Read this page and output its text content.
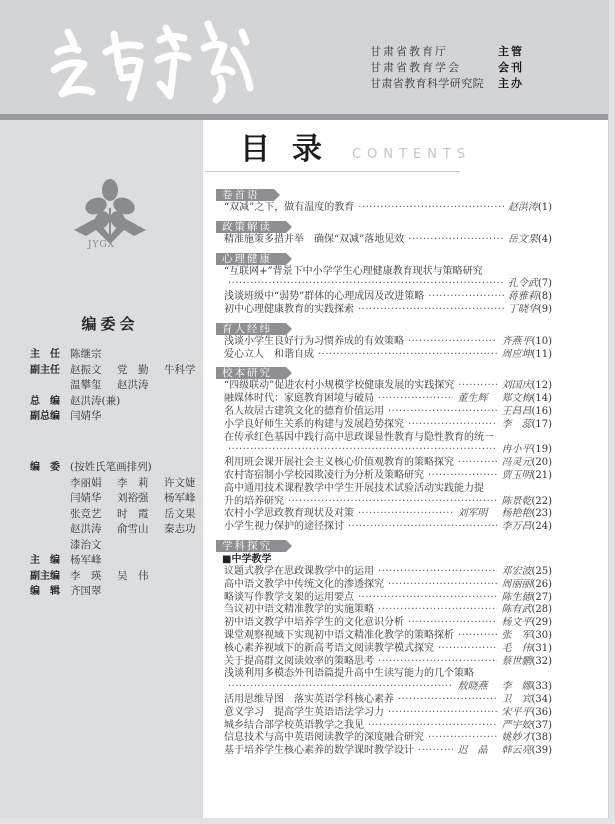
甘肃省教育厅	主管
甘肃省教育学会	会刊
甘肃省教育科学研究院	主办
JYGX
编委会
主　任 陈继宗
副主任 赵振文	党　勤	牛科学
温攀玺	赵洪涛
总　编 赵洪涛(兼)
副总编 闫婧华
编　委 (按姓氏笔画排列)
李丽娟	李　莉	许文婕
闫婧华	刘裕强	杨军峰
张竞艺	时　霞	岳文果
赵洪涛	俞雪山	秦志功
漆治文
主　编 杨军峰
副主编 李　瑛	吴　伟
编　辑 齐国翠
目录 CONTENTS
卷首语
“双减”之下，做有温度的教育 ·····	赵洪涛 (1)
政策解读
精准施策多措并举　确保“双减”落地见效 ·····	岳文果 (4)
心理健康
“互联网+”背景下中小学学生心理健康教育现状与策略研究
·····
孔令武 (7)
浅谈班级中“弱势”群体的心理成因及改进策略 ·····	蒋雅莉 (8)
初中心理健康教育的实践探索 ·····	丁晓华 (9)
育人经纬
浅谈小学生良好行为习惯养成的有效策略 ·····	齐燕平 (10)
爱心立人　和谐自成 ·····	周应坤 (11)
校本研究
“四级联动”促进农村小规模学校健康发展的实践探究 ·····	刘国庆 (12)
融媒体时代：家庭教育困境与破局 ·····	董生辉 郑文梅 (14)
名人故居古建筑文化的德育价值运用 ·····	王昌昌 (16)
小学良好师生关系的构建与发展趋势探究 ·····	李　蕊 (17)
在传承红色基因中践行高中思政课显性教育与隐性教育的统一
·····
冉小平 (19)
利用班会课开展社会主义核心价值观教育的策略探究 ·····	冯灵元 (20)
农村寄宿制小学校园欺凌行为分析及策略研究 ·····	贾玉明 (21)
高中通用技术课程教学中学生开展技术试验活动实践能力提
升的培养研究 ·····	陈景乾 (22)
农村小学思政教育现状及对策 ·····	刘军明 杨艳艳 (23)
小学生视力保护的途径探讨 ·····	李万昌 (24)
学科探究
■中学教学
议题式教学在思政课教学中的运用 ·····	邓宏波 (25)
高中语文教学中传统文化的渗透探究 ·····	周丽丽 (26)
略谈写作教学支架的运用要点 ·····	陈生德 (27)
刍议初中语文精准教学的实施策略 ·····	陈有武 (28)
初中语文教学中培养学生的文化意识分析 ·····	杨文平 (29)
课堂观察视域下实现初中语文精准化教学的策略探析 ·····	张　军 (30)
核心素养视域下的新高考语文阅读教学模式探究 ·····	毛　伟 (31)
关于提高群文阅读效率的策略思考 ·····	蔡世鹏 (32)
浅谈利用多模态外刊语篇提升高中生读写能力的几个策略
·····
敖晓燕 李　娜 (33)
活用思维导图　落实英语学科核心素养 ·····	卫　宾 (34)
意义学习　提高学生英语语法学习力 ·····	宋平平 (36)
城乡结合部学校英语教学之我见 ·····	严宇姣 (37)
信息技术与高中英语阅读教学的深度融合研究 ·····	姚妙才 (38)
基于培养学生核心素养的数学课时教学设计 ·····	迟　晶 韩云亮 (39)
